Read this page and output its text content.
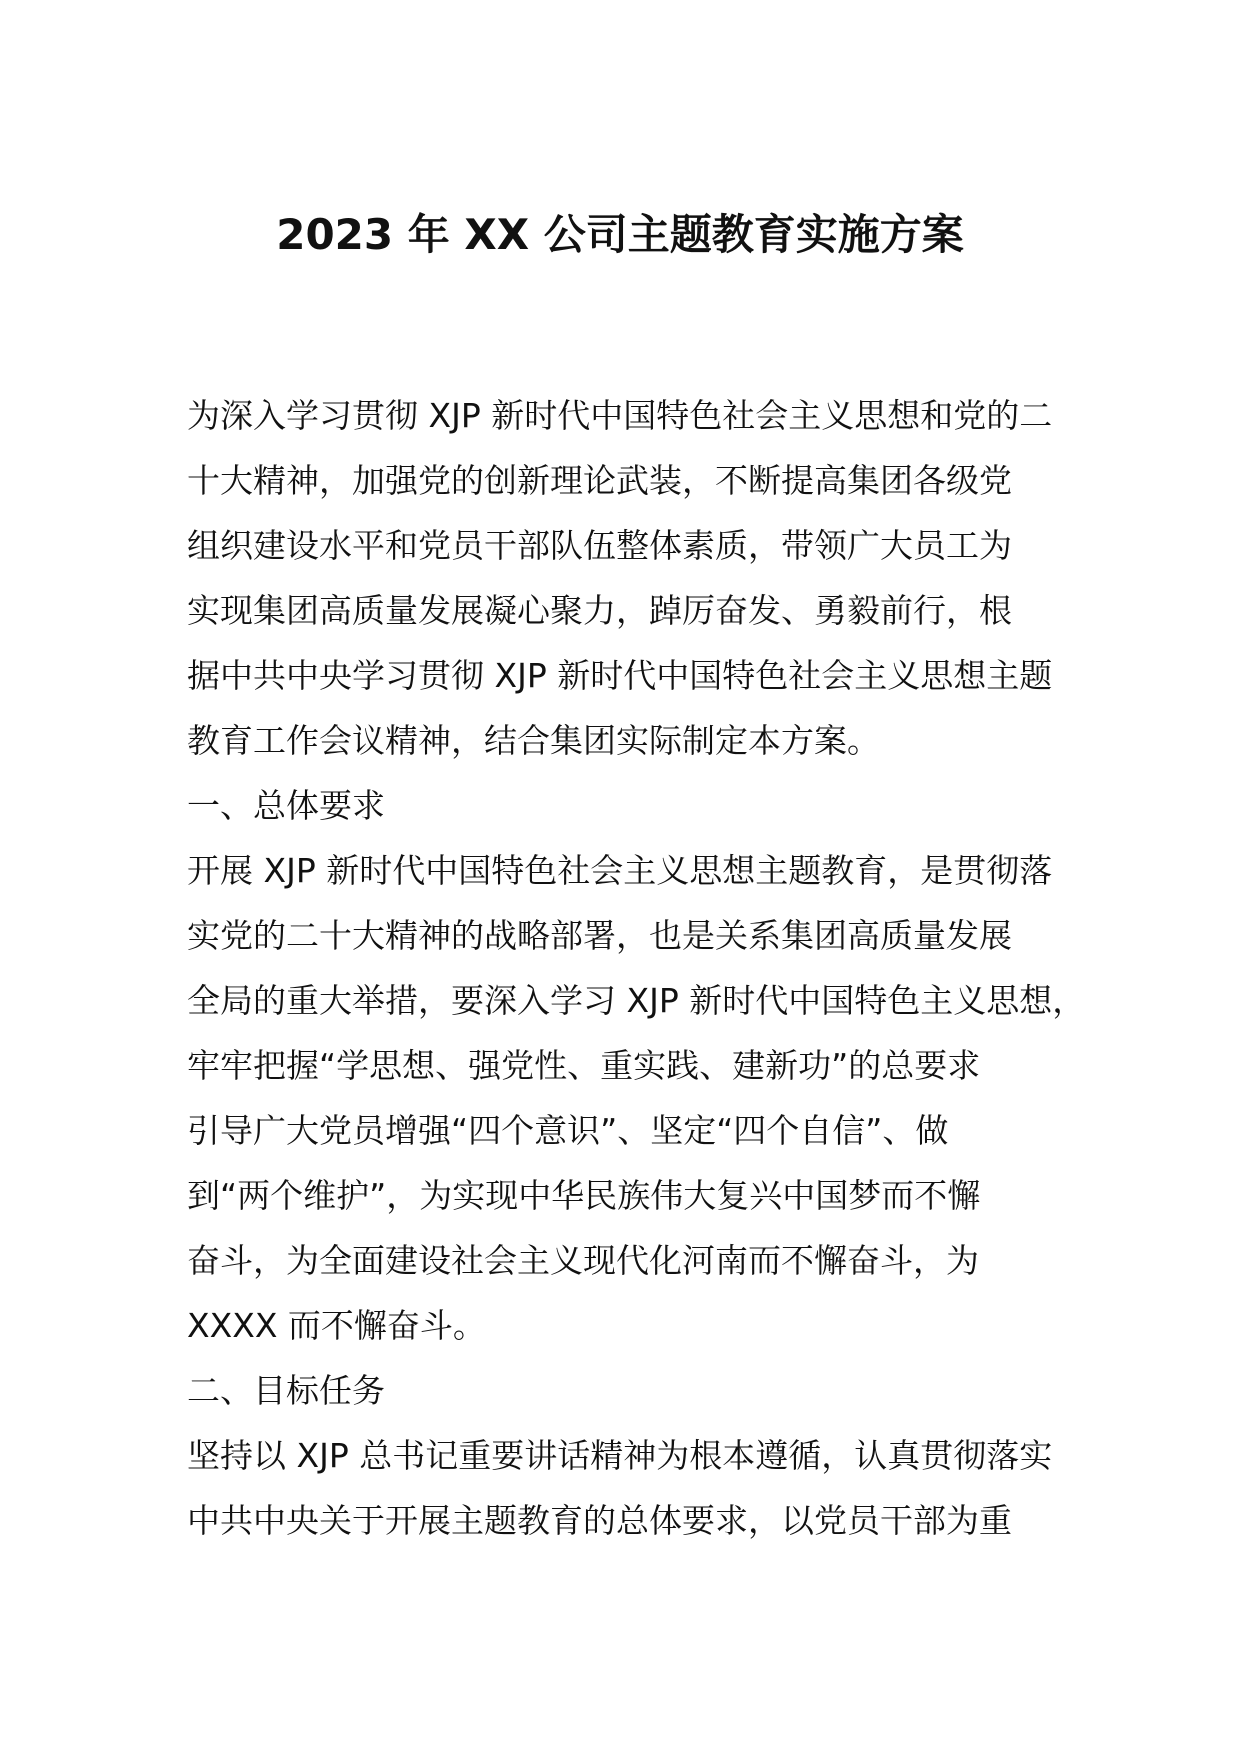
2023 年 XX 公司主题教育实施方案
为深入学习贯彻 XJP 新时代中国特色社会主义思想和党的二
十大精神，加强党的创新理论武装，不断提高集团各级党
组织建设水平和党员干部队伍整体素质，带领广大员工为
实现集团高质量发展凝心聚力，踔厉奋发、勇毅前行，根
据中共中央学习贯彻 XJP 新时代中国特色社会主义思想主题
教育工作会议精神，结合集团实际制定本方案。
一、总体要求
开展 XJP 新时代中国特色社会主义思想主题教育，是贯彻落
实党的二十大精神的战略部署，也是关系集团高质量发展
全局的重大举措，要深入学习 XJP 新时代中国特色主义思想，
牢牢把握“学思想、强党性、重实践、建新功”的总要求
引导广大党员增强“四个意识”、坚定“四个自信”、做
到“两个维护”，为实现中华民族伟大复兴中国梦而不懈
奋斗，为全面建设社会主义现代化河南而不懈奋斗，为
XXXX 而不懈奋斗。
二、目标任务
坚持以 XJP 总书记重要讲话精神为根本遵循，认真贯彻落实
中共中央关于开展主题教育的总体要求，以党员干部为重
